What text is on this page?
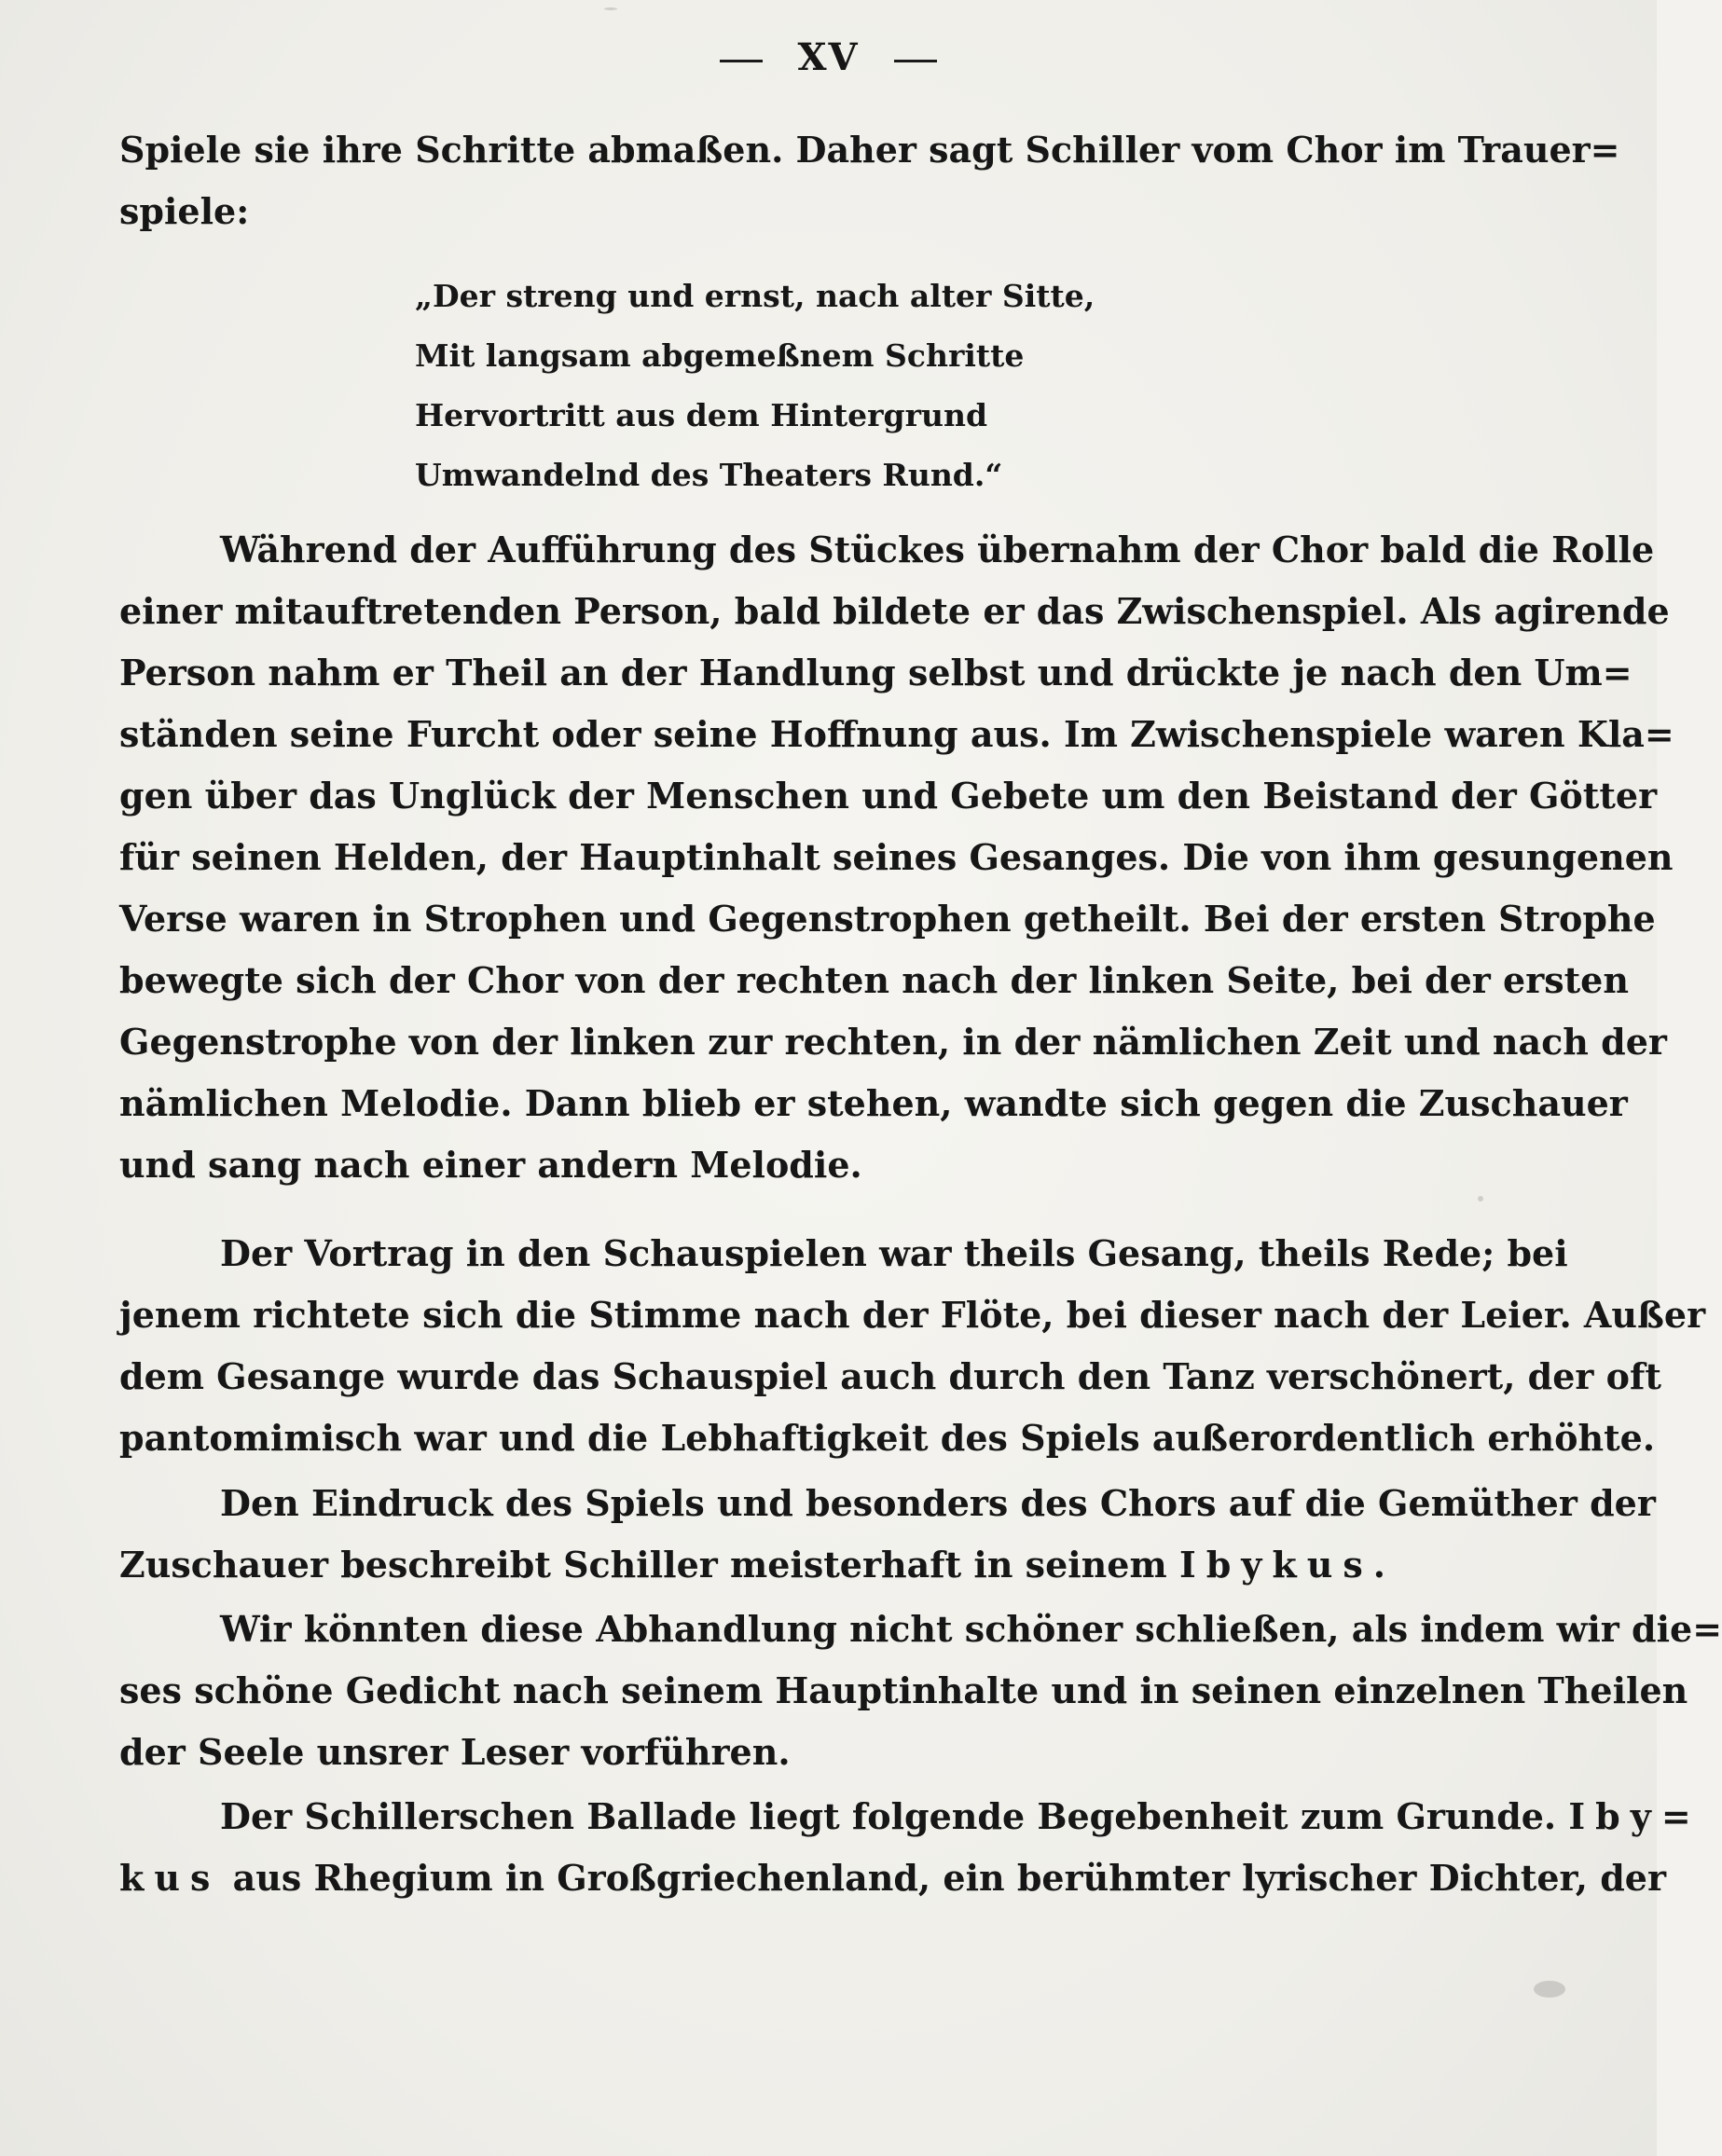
XV
Spiele sie ihre Schritte abmaßen. Daher sagt Schiller vom Chor im Trauer=
spiele:
„Der streng und ernst, nach alter Sitte,
Mit langsam abgemeßnem Schritte
Hervortritt aus dem Hintergrund
Umwandelnd des Theaters Rund.“
Während der Aufführung des Stückes übernahm der Chor bald die Rolle
einer mitauftretenden Person, bald bildete er das Zwischenspiel. Als agirende
Person nahm er Theil an der Handlung selbst und drückte je nach den Um=
ständen seine Furcht oder seine Hoffnung aus. Im Zwischenspiele waren Kla=
gen über das Unglück der Menschen und Gebete um den Beistand der Götter
für seinen Helden, der Hauptinhalt seines Gesanges. Die von ihm gesungenen
Verse waren in Strophen und Gegenstrophen getheilt. Bei der ersten Strophe
bewegte sich der Chor von der rechten nach der linken Seite, bei der ersten
Gegenstrophe von der linken zur rechten, in der nämlichen Zeit und nach der
nämlichen Melodie. Dann blieb er stehen, wandte sich gegen die Zuschauer
und sang nach einer andern Melodie.
Der Vortrag in den Schauspielen war theils Gesang, theils Rede; bei
jenem richtete sich die Stimme nach der Flöte, bei dieser nach der Leier. Außer
dem Gesange wurde das Schauspiel auch durch den Tanz verschönert, der oft
pantomimisch war und die Lebhaftigkeit des Spiels außerordentlich erhöhte.
Den Eindruck des Spiels und besonders des Chors auf die Gemüther der
Zuschauer beschreibt Schiller meisterhaft in seinem Ibykus.
Wir könnten diese Abhandlung nicht schöner schließen, als indem wir die=
ses schöne Gedicht nach seinem Hauptinhalte und in seinen einzelnen Theilen
der Seele unsrer Leser vorführen.
Der Schillerschen Ballade liegt folgende Begebenheit zum Grunde. Iby=
kus aus Rhegium in Großgriechenland, ein berühmter lyrischer Dichter, der
